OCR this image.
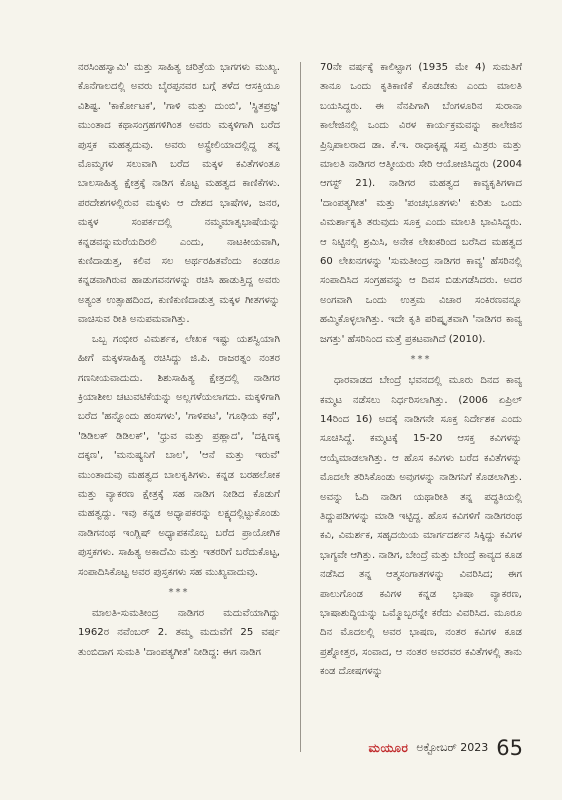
ನರಸಿಂಹಸ್ವಾಮಿ' ಮತ್ತು ಸಾಹಿತ್ಯ ಚರಿತ್ರೆಯ ಭಾಗಗಳು ಮುಖ್ಯ. ಕೊನೆಗಾಲದಲ್ಲಿ ಅವರು ಬೈರಪ್ಪನವರ ಬಗ್ಗೆ ತಳೆದ ಆಸಕ್ತಿಯೂ ವಿಶಿಷ್ಟ. 'ಕಾರ್ಕೋಟಕ', 'ಗಾಳಿ ಮತ್ತು ದುಂಬಿ', 'ಸ್ಥಿತಪ್ರಜ್ಞ' ಮುಂತಾದ ಕಥಾಸಂಗ್ರಹಗಳಿಗಿಂತ ಅವರು ಮಕ್ಕಳಿಗಾಗಿ ಬರೆದ ಪುಸ್ತಕ ಮಹತ್ವದುವು. ಅವರು ಅಸ್ಟ್ರೇಲಿಯಾದಲ್ಲಿದ್ದ ತನ್ನ ಮೊಮ್ಮಗಳ ಸಲುವಾಗಿ ಬರೆದ ಮಕ್ಕಳ ಕವಿತೆಗಳಂತೂ ಬಾಲಸಾಹಿತ್ಯ ಕ್ಷೇತ್ರಕ್ಕೆ ನಾಡಿಗ ಕೊಟ್ಟ ಮಹತ್ವದ ಕಾಣಿಕೆಗಳು. ಪರದೇಶಗಳಲ್ಲಿರುವ ಮಕ್ಕಳು ಆ ದೇಶದ ಭಾಷೆಗಳ, ಜನರ, ಮಕ್ಕಳ ಸಂಪರ್ಕದಲ್ಲಿ ನಮ್ಮಮಾತೃಭಾಷೆಯನ್ನು ಕನ್ನಡವನ್ನುಮರೆಯದಿರಲಿ ಎಂದು, ನಾಟಕೀಯವಾಗಿ, ಕುಣಿದಾಡುತ್ತ, ಕಲಿವ ಸಲ ಅರ್ಥರಹಿತವೆಂದು ಕಂಡರೂ ಕನ್ನಡವಾಗಿರುವ ಹಾಡುಗವನಗಳನ್ನು ರಚಿಸಿ ಹಾಡುತ್ತಿದ್ದ ಅವರು ಅತ್ಯಂತ ಉತ್ಸಾಹದಿಂದ, ಕುಣಿಕುಣಿದಾಡುತ್ತ ಮಕ್ಕಳ ಗೀತಗಳನ್ನು ವಾಚಿಸುವ ರೀತಿ ಅನುಪಮವಾಗಿತ್ತು.

ಒಬ್ಬ ಗಂಭೀರ ವಿಮರ್ಶಕ, ಲೇಖಕ ಇಷ್ಟು ಯಶಸ್ವಿಯಾಗಿ ಹೀಗೆ ಮಕ್ಕಳಸಾಹಿತ್ಯ ರಚಿಸಿದ್ದು ಜಿ.ಪಿ. ರಾಜರತ್ನಂ ನಂತರ ಗಣನೀಯವಾದುದು. ಶಿಶುಸಾಹಿತ್ಯ ಕ್ಷೇತ್ರದಲ್ಲಿ ನಾಡಿಗರ ಕ್ರಿಯಾಶೀಲ ಚಟುವಟಿಕೆಯನ್ನು ಅಲ್ಲಗಳೆಯಲಾಗದು. ಮಕ್ಕಳಿಗಾಗಿ ಬರೆದ 'ಹನ್ನೊಂದು ಹಂಸಗಳು', 'ಗಾಳಿಪಟ', 'ಗೂಢಿಯ ಕಥೆ', 'ಡಿಡಿಲಕ್ ಡಿಡಿಲಕ್', 'ಧ್ರುವ ಮತ್ತು ಪ್ರಹ್ಲಾದ', 'ದಕ್ಷಿಣಕ್ಕ ದಕ್ಕಣ', 'ಮನುಷ್ಯನಿಗೆ ಬಾಲ', 'ಆನೆ ಮತ್ತು ಇರುವೆ' ಮುಂತಾದುವು ಮಹತ್ವದ ಬಾಲಕೃತಿಗಳು. ಕನ್ನಡ ಬರಹಲೋಕ ಮತ್ತು ವ್ಯಾಕರಣ ಕ್ಷೇತ್ರಕ್ಕೆ ಸಹ ನಾಡಿಗ ನೀಡಿದ ಕೊಡುಗೆ ಮಹತ್ವದ್ದು. ಇವು ಕನ್ನಡ ಅಧ್ಯಾಪಕರನ್ನು ಲಕ್ಷ್ಯದಲ್ಲಿಟ್ಟುಕೊಂಡು ನಾಡಿಗನಂಥ ಇಂಗ್ಲಿಷ್ ಅಧ್ಯಾಪಕನೊಬ್ಬ ಬರೆದ ಪ್ರಾಯೋಗಿಕ ಪುಸ್ತಕಗಳು. ಸಾಹಿತ್ಯ ಅಕಾದೆಮಿ ಮತ್ತು ಇತರರಿಗೆ ಬರೆದುಕೊಟ್ಟ, ಸಂಪಾದಿಸಿಕೊಟ್ಟ ಅವರ ಪುಸ್ತಕಗಳು ಸಹ ಮುಖ್ಯವಾದುವು.

***

ಮಾಲತಿ-ಸುಮತೀಂದ್ರ ನಾಡಿಗರ ಮದುವೆಯಾಗಿದ್ದು 1962ರ ನವೆಂಬರ್ 2. ತಮ್ಮ ಮದುವೆಗೆ 25 ವರ್ಷ ತುಂಬಿದಾಗ ಸುಮತಿ 'ದಾಂಪತ್ಯಗೀತ' ನೀಡಿದ್ದ: ಈಗ ನಾಡಿಗ

70ನೇ ವರ್ಷಕ್ಕೆ ಕಾಲಿಟ್ಟಾಗ (1935 ಮೇ 4) ಸುಮತಿಗೆ ತಾನೂ ಒಂದು ಕೃತಿಕಾಣಿಕೆ ಕೊಡಬೇಕು ಎಂದು ಮಾಲತಿ ಬಯಸಿದ್ದರು. ಈ ನೆನಪಿಗಾಗಿ ಬೆಂಗಳೂರಿನ ಸುರಾನಾ ಕಾಲೇಜಿನಲ್ಲಿ ಒಂದು ವಿರಳ ಕಾರ್ಯಕ್ರಮವನ್ನು ಕಾಲೇಜಿನ ಪ್ರಿನ್ಸಿಪಾಲರಾದ ಡಾ. ಕೆ.ಇ. ರಾಧಾಕೃಷ್ಣ ಸಪ್ತ ಮಿತ್ರರು ಮತ್ತು ಮಾಲತಿ ನಾಡಿಗರ ಆತ್ಮೀಯರು ಸೇರಿ ಆಯೋಜಿಸಿದ್ದರು (2004 ಆಗಸ್ಟ್ 21). ನಾಡಿಗರ ಮಹತ್ವದ ಕಾವ್ಯಕೃತಿಗಳಾದ 'ದಾಂಪತ್ಯಗೀತ' ಮತ್ತು 'ಪಂಚಭೂತಗಳು' ಕುರಿತು ಒಂದು ವಿಮರ್ಶಾಕೃತಿ ತರುವುದು ಸೂಕ್ತ ಎಂದು ಮಾಲತಿ ಭಾವಿಸಿದ್ದರು. ಆ ನಿಟ್ಟಿನಲ್ಲಿ ಶ್ರಮಿಸಿ, ಅನೇಕ ಲೇಖಕರಿಂದ ಬರೆಸಿದ ಮಹತ್ವದ 60 ಲೇಖನಗಳನ್ನು 'ಸುಮತೀಂದ್ರ ನಾಡಿಗರ ಕಾವ್ಯ' ಹೆಸರಿನಲ್ಲಿ ಸಂಪಾದಿಸಿದ ಸಂಗ್ರಹವನ್ನು ಆ ದಿವಸ ಬಿಡುಗಡೆಸಿದರು. ಅದರ ಅಂಗವಾಗಿ ಒಂದು ಉತ್ತಮ ವಿಚಾರ ಸಂಕಿರಣವನ್ನೂ ಹಮ್ಮಿಕೊಳ್ಳಲಾಗಿತ್ತು. ಇದೇ ಕೃತಿ ಪರಿಷ್ಕೃತವಾಗಿ 'ನಾಡಿಗರ ಕಾವ್ಯ ಜಗತ್ತು' ಹೆಸರಿನಿಂದ ಮತ್ತೆ ಪ್ರಕಟವಾಗಿದೆ (2010).

***

ಧಾರವಾಡದ ಬೇಂದ್ರೆ ಭವನದಲ್ಲಿ ಮೂರು ದಿನದ ಕಾವ್ಯ ಕಮ್ಮಟ ನಡೆಸಲು ನಿರ್ಧರಿಸಲಾಗಿತ್ತು. (2006 ಏಪ್ರಿಲ್ 14ರಿಂದ 16) ಅದಕ್ಕೆ ನಾಡಿಗನೇ ಸೂಕ್ತ ನಿರ್ದೇಶಕ ಎಂದು ಸೂಚಿಸಿದ್ದೆ. ಕಮ್ಮಟಕ್ಕೆ 15-20 ಆಸಕ್ತ ಕವಿಗಳನ್ನು ಆಯ್ಕೆಮಾಡಲಾಗಿತ್ತು. ಆ ಹೊಸ ಕವಿಗಳು ಬರೆದ ಕವಿತೆಗಳನ್ನು ಮೊದಲೇ ತರಿಸಿಕೊಂಡು ಅವುಗಳನ್ನು ನಾಡಿಗನಿಗೆ ಕೊಡಲಾಗಿತ್ತು. ಅವನ್ನು ಓದಿ ನಾಡಿಗ ಯಥಾರೀತಿ ತನ್ನ ಪದ್ಧತಿಯಲ್ಲಿ ತಿದ್ದುಪಡಿಗಳನ್ನು ಮಾಡಿ ಇಟ್ಟಿದ್ದ. ಹೊಸ ಕವಿಗಳಿಗೆ ನಾಡಿಗರಂಥ ಕವಿ, ವಿಮರ್ಶಕ, ಸಹೃದಯಿಯ ಮಾರ್ಗದರ್ಶನ ಸಿಕ್ಕಿದ್ದು ಕವಿಗಳ ಭಾಗ್ಯವೇ ಆಗಿತ್ತು. ನಾಡಿಗ, ಬೇಂದ್ರೆ ಮತ್ತು ಬೇಂದ್ರೆ ಕಾವ್ಯದ ಕೂಡ ನಡೆಸಿದ ತನ್ನ ಆತ್ಮಸಂಗಾತಗಳನ್ನು ವಿವರಿಸಿದ; ಈಗ ಪಾಲುಗೊಂಡ ಕವಿಗಳ ಕನ್ನಡ ಭಾಷಾ ವ್ಯಾಕರಣ, ಭಾಷಾಶುದ್ಧಿಯನ್ನು ಒಮ್ಮೊಬ್ಬರನ್ನೇ ಕರೆದು ವಿವರಿಸಿದ. ಮೂರೂ ದಿನ ಮೊದಲಲ್ಲಿ ಅವರ ಭಾಷಣ, ನಂತರ ಕವಿಗಳ ಕೂಡ ಪ್ರಶ್ನೋತ್ತರ, ಸಂವಾದ, ಆ ನಂತರ ಅವರವರ ಕವಿತೆಗಳಲ್ಲಿ ತಾನು ಕಂಡ ದೋಷಗಳನ್ನು

ಮಯೂರ ಅಕ್ಟೋಬರ್ 2023 65
